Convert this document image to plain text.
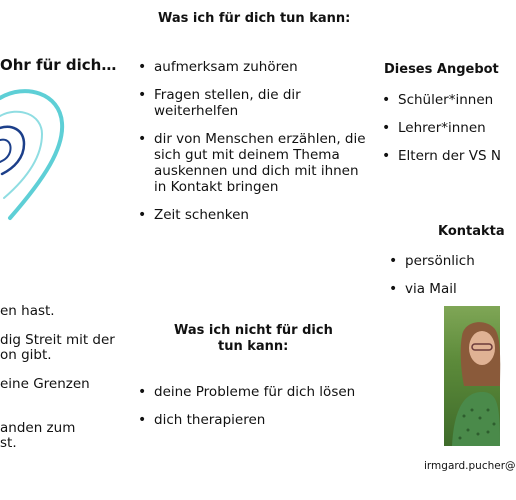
Ohr für dich…
en hast.
dig Streit mit der
on gibt.
eine Grenzen
anden zum
st.
Was ich für dich tun kann:
• aufmerksam zuhören
• Fragen stellen, die dir weiterhelfen
• dir von Menschen erzählen, die sich gut mit deinem Thema auskennen und dich mit ihnen in Kontakt bringen
• Zeit schenken
Was ich nicht für dich
tun kann:
• deine Probleme für dich lösen
• dich therapieren
Dieses Angebot
• Schüler*innen
• Lehrer*innen
• Eltern der VS N
Kontakta
• persönlich
• via Mail
irmgard.pucher@
